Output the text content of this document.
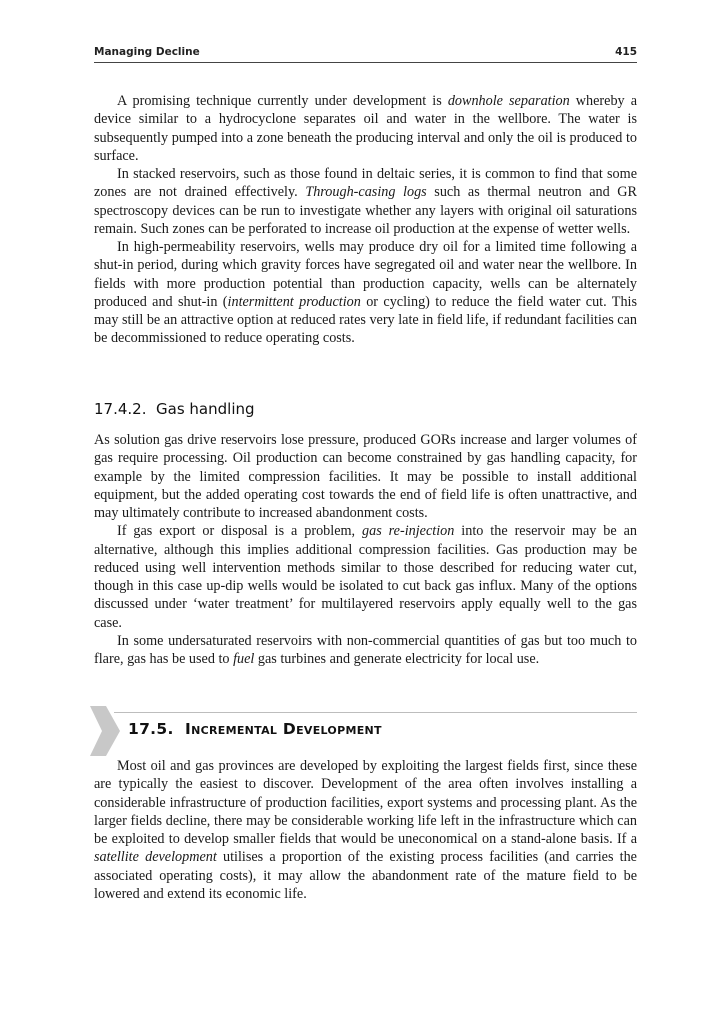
Managing Decline	415

A promising technique currently under development is downhole separation whereby a device similar to a hydrocyclone separates oil and water in the wellbore. The water is subsequently pumped into a zone beneath the producing interval and only the oil is produced to surface.

In stacked reservoirs, such as those found in deltaic series, it is common to find that some zones are not drained effectively. Through-casing logs such as thermal neutron and GR spectroscopy devices can be run to investigate whether any layers with original oil saturations remain. Such zones can be perforated to increase oil production at the expense of wetter wells.

In high-permeability reservoirs, wells may produce dry oil for a limited time following a shut-in period, during which gravity forces have segregated oil and water near the wellbore. In fields with more production potential than production capacity, wells can be alternately produced and shut-in (intermittent production or cycling) to reduce the field water cut. This may still be an attractive option at reduced rates very late in field life, if redundant facilities can be decommissioned to reduce operating costs.

17.4.2. Gas handling

As solution gas drive reservoirs lose pressure, produced GORs increase and larger volumes of gas require processing. Oil production can become constrained by gas handling capacity, for example by the limited compression facilities. It may be possible to install additional equipment, but the added operating cost towards the end of field life is often unattractive, and may ultimately contribute to increased abandonment costs.

If gas export or disposal is a problem, gas re-injection into the reservoir may be an alternative, although this implies additional compression facilities. Gas production may be reduced using well intervention methods similar to those described for reducing water cut, though in this case up-dip wells would be isolated to cut back gas influx. Many of the options discussed under ‘water treatment’ for multilayered reservoirs apply equally well to the gas case.

In some undersaturated reservoirs with non-commercial quantities of gas but too much to flare, gas has be used to fuel gas turbines and generate electricity for local use.

17.5. Incremental Development

Most oil and gas provinces are developed by exploiting the largest fields first, since these are typically the easiest to discover. Development of the area often involves installing a considerable infrastructure of production facilities, export systems and processing plant. As the larger fields decline, there may be considerable working life left in the infrastructure which can be exploited to develop smaller fields that would be uneconomical on a stand-alone basis. If a satellite development utilises a proportion of the existing process facilities (and carries the associated operating costs), it may allow the abandonment rate of the mature field to be lowered and extend its economic life.
